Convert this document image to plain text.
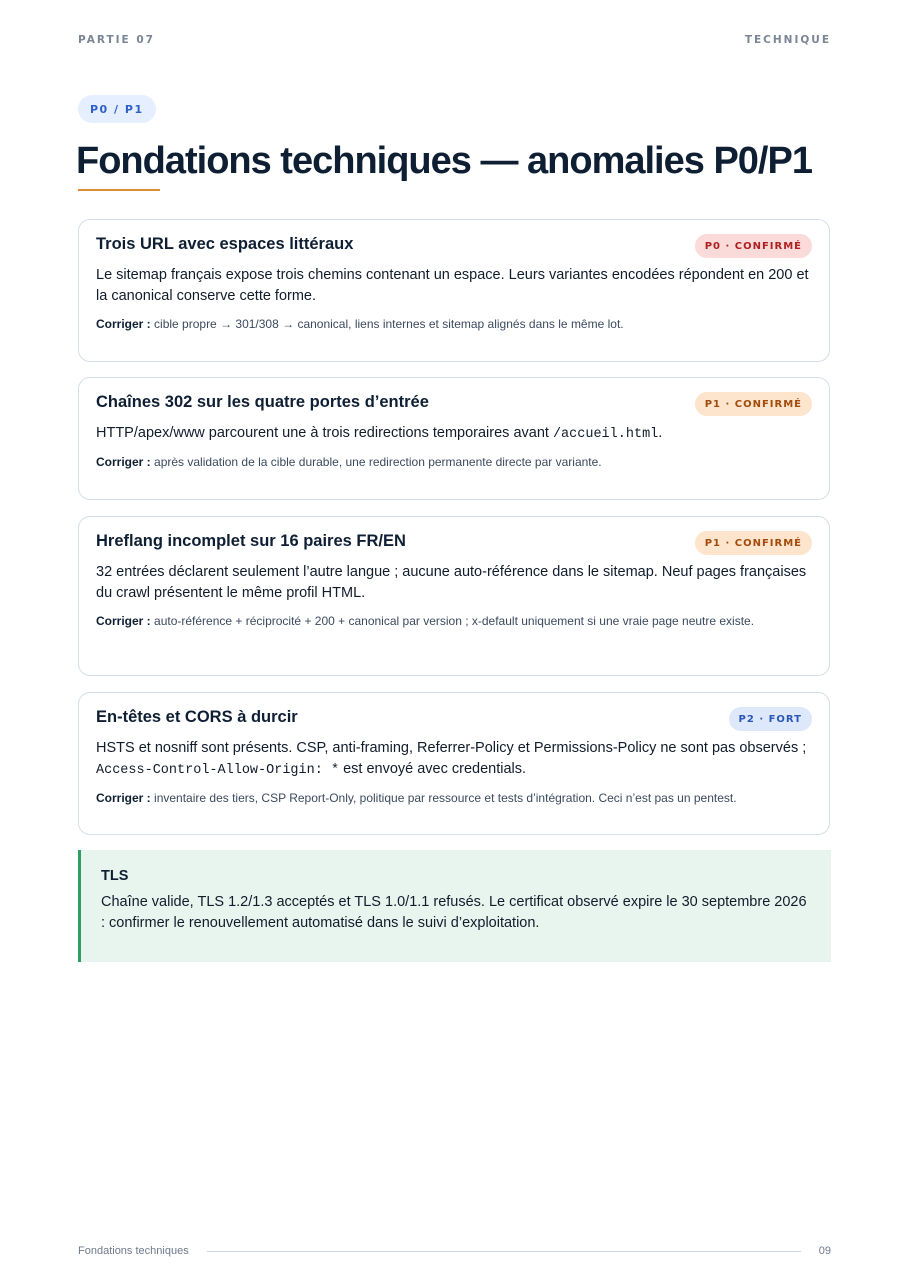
PARTIE 07	TECHNIQUE
P0 / P1
Fondations techniques — anomalies P0/P1

Trois URL avec espaces littéraux	P0 · CONFIRMÉ

Le sitemap français expose trois chemins contenant un espace. Leurs variantes encodées répondent en 200 et la canonical conserve cette forme.

Corriger : cible propre → 301/308 → canonical, liens internes et sitemap alignés dans le même lot.

Chaînes 302 sur les quatre portes d’entrée	P1 · CONFIRMÉ

HTTP/apex/www parcourent une à trois redirections temporaires avant /accueil.html.

Corriger : après validation de la cible durable, une redirection permanente directe par variante.

Hreflang incomplet sur 16 paires FR/EN	P1 · CONFIRMÉ

32 entrées déclarent seulement l’autre langue ; aucune auto-référence dans le sitemap. Neuf pages françaises du crawl présentent le même profil HTML.

Corriger : auto-référence + réciprocité + 200 + canonical par version ; x-default uniquement si une vraie page neutre existe.

En-têtes et CORS à durcir	P2 · FORT

HSTS et nosniff sont présents. CSP, anti-framing, Referrer-Policy et Permissions-Policy ne sont pas observés ; Access-Control-Allow-Origin: * est envoyé avec credentials.

Corriger : inventaire des tiers, CSP Report-Only, politique par ressource et tests d’intégration. Ceci n’est pas un pentest.

TLS

Chaîne valide, TLS 1.2/1.3 acceptés et TLS 1.0/1.1 refusés. Le certificat observé expire le 30 septembre 2026 : confirmer le renouvellement automatisé dans le suivi d’exploitation.

Fondations techniques	09
